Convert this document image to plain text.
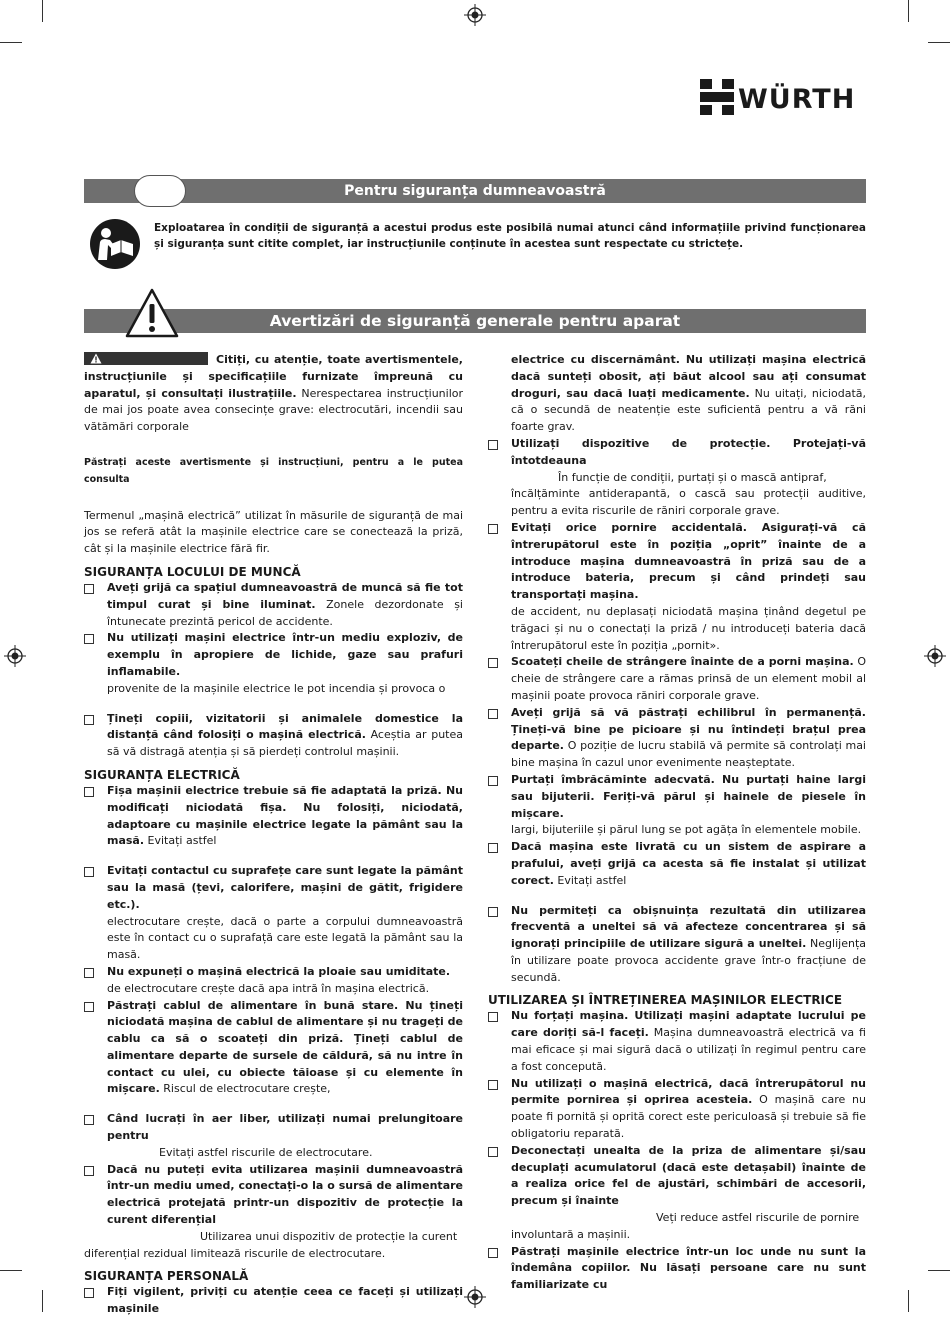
WÜRTH
Pentru siguranța dumneavoastră
Exploatarea în condiții de siguranță a acestui produs este posibilă numai atunci când informațiile privind funcționarea și siguranța sunt citite complet, iar instrucțiunile conținute în acestea sunt respectate cu strictețe.
Avertizări de siguranță generale pentru aparat

Citiți, cu atenție, toate avertismentele, instrucțiunile și specificațiile furnizate împreună cu aparatul, și consultați ilustrațiile. Nerespectarea instrucțiunilor de mai jos poate avea consecințe grave: electrocutări, incendii sau vătămări corporale

Păstrați aceste avertismente și instrucțiuni, pentru a le putea consulta

Termenul „mașină electrică” utilizat în măsurile de siguranță de mai jos se referă atât la mașinile electrice care se conectează la priză, cât și la mașinile electrice fără fir.

SIGURANȚA LOCULUI DE MUNCĂ

Aveți grijă ca spațiul dumneavoastră de muncă să fie tot timpul curat și bine iluminat. Zonele dezordonate și întunecate prezintă pericol de accidente.
Nu utilizați mașini electrice într-un mediu exploziv, de exemplu în apropiere de lichide, gaze sau prafuri inflamabile.
provenite de la mașinile electrice le pot incendia și provoca o
Țineți copiii, vizitatorii și animalele domestice la distanță când folosiți o mașină electrică. Aceștia ar putea să vă distragă atenția și să pierdeți controlul mașinii.

SIGURANȚA ELECTRICĂ

Fișa mașinii electrice trebuie să fie adaptată la priză. Nu modificați niciodată fișa. Nu folosiți, niciodată, adaptoare cu mașinile electrice legate la pământ sau la masă. Evitați astfel
Evitați contactul cu suprafețe care sunt legate la pământ sau la masă (țevi, calorifere, mașini de gătit, frigidere etc.).
electrocutare crește, dacă o parte a corpului dumneavoastră este în contact cu o suprafață care este legată la pământ sau la masă.
Nu expuneți o mașină electrică la ploaie sau umiditate.
de electrocutare crește dacă apa intră în mașina electrică.
Păstrați cablul de alimentare în bună stare. Nu țineți niciodată mașina de cablul de alimentare și nu trageți de cablu ca să o scoateți din priză. Țineți cablul de alimentare departe de sursele de căldură, să nu intre în contact cu ulei, cu obiecte tăioase și cu elemente în mișcare. Riscul de electrocutare crește,
Când lucrați în aer liber, utilizați numai prelungitoare pentru
Evitați astfel riscurile de electrocutare.
Dacă nu puteți evita utilizarea mașinii dumneavoastră într-un mediu umed, conectați-o la o sursă de alimentare electrică protejată printr-un dispozitiv de protecție la curent diferențial
Utilizarea unui dispozitiv de protecție la curent

diferențial rezidual limitează riscurile de electrocutare.

SIGURANȚA PERSONALĂ

Fiți vigilent, priviți cu atenție ceea ce faceți și utilizați mașinile
electrice cu discernământ. Nu utilizați mașina electrică dacă sunteți obosit, ați băut alcool sau ați consumat droguri, sau dacă luați medicamente. Nu uitați, niciodată, că o secundă de neatenție este suficientă pentru a vă răni foarte grav.
Utilizați dispozitive de protecție. Protejați-vă întotdeauna
În funcție de condiții, purtați și o mască antipraf,
încălțăminte antiderapantă, o cască sau protecții auditive, pentru a evita riscurile de răniri corporale grave.
Evitați orice pornire accidentală. Asigurați-vă că întrerupătorul este în poziția „oprit” înainte de a introduce mașina dumneavoastră în priză sau de a introduce bateria, precum și când prindeți sau transportați mașina.
de accident, nu deplasați niciodată mașina ținând degetul pe trăgaci și nu o conectați la priză / nu introduceți bateria dacă întrerupătorul este în poziția „pornit».
Scoateți cheile de strângere înainte de a porni mașina. O cheie de strângere care a rămas prinsă de un element mobil al mașinii poate provoca răniri corporale grave.
Aveți grijă să vă păstrați echilibrul în permanență. Țineți-vă bine pe picioare și nu întindeți brațul prea departe. O poziție de lucru stabilă vă permite să controlați mai bine mașina în cazul unor evenimente neașteptate.
Purtați îmbrăcăminte adecvată. Nu purtați haine largi sau bijuterii. Feriți-vă părul și hainele de piesele în mișcare.
largi, bijuteriile și părul lung se pot agăța în elementele mobile.
Dacă mașina este livrată cu un sistem de aspirare a prafului, aveți grijă ca acesta să fie instalat și utilizat corect. Evitați astfel
Nu permiteți ca obișnuința rezultată din utilizarea frecventă a uneltei să vă afecteze concentrarea și să ignorați principiile de utilizare sigură a uneltei. Neglijența în utilizare poate provoca accidente grave într-o fracțiune de secundă.

UTILIZAREA ȘI ÎNTREȚINEREA MAȘINILOR ELECTRICE

Nu forțați mașina. Utilizați mașini adaptate lucrului pe care doriți să-l faceți. Mașina dumneavoastră electrică va fi mai eficace și mai sigură dacă o utilizați în regimul pentru care a fost concepută.
Nu utilizați o mașină electrică, dacă întrerupătorul nu permite pornirea și oprirea acesteia. O mașină care nu poate fi pornită și oprită corect este periculoasă și trebuie să fie obligatoriu reparată.
Deconectați unealta de la priza de alimentare și/sau decuplați acumulatorul (dacă este detașabil) înainte de a realiza orice fel de ajustări, schimbări de accesorii, precum și înainte
Veți reduce astfel riscurile de pornire
involuntară a mașinii.
Păstrați mașinile electrice într-un loc unde nu sunt la îndemâna copiilor. Nu lăsați persoane care nu sunt familiarizate cu
